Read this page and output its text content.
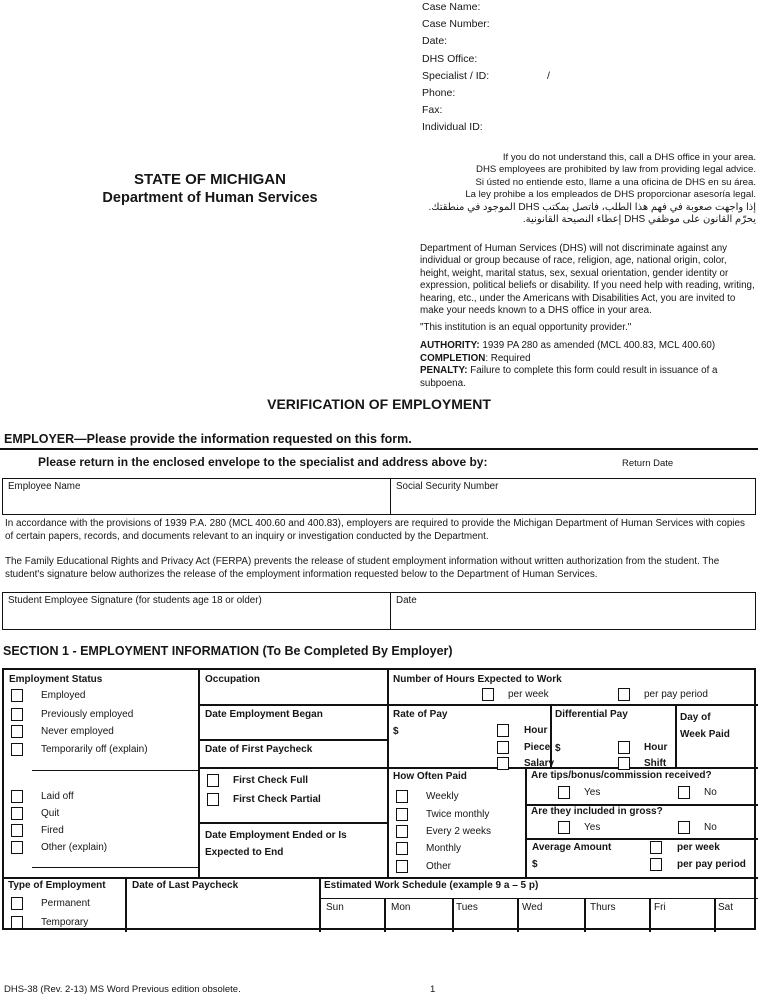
Case Name:
Case Number:
Date:
DHS Office:
Specialist / ID:	/
Phone:
Fax:
Individual ID:
STATE OF MICHIGAN
Department of Human Services
If you do not understand this, call a DHS office in your area.
DHS employees are prohibited by law from providing legal advice.
Si ústed no entiende esto, llame a una oficina de DHS en su área.
La ley prohibe a los empleados de DHS proporcionar asesoría legal.
إذا واجهت صعوبة في فهم هذا الطلب، فاتصل بمكتب DHS الموجود في منطقتك.
يحرّم القانون على موظفي DHS إعطاء النصيحة القانونية.
Department of Human Services (DHS) will not discriminate against any individual or group because of race, religion, age, national origin, color, height, weight, marital status, sex, sexual orientation, gender identity or expression, political beliefs or disability. If you need help with reading, writing, hearing, etc., under the Americans with Disabilities Act, you are invited to make your needs known to a DHS office in your area.
"This institution is an equal opportunity provider."
AUTHORITY: 1939 PA 280 as amended (MCL 400.83, MCL 400.60)
COMPLETION: Required
PENALTY: Failure to complete this form could result in issuance of a subpoena.
VERIFICATION OF EMPLOYMENT
EMPLOYER—Please provide the information requested on this form.
Please return in the enclosed envelope to the specialist and address above by:	Return Date
Employee Name	Social Security Number
In accordance with the provisions of 1939 P.A. 280 (MCL 400.60 and 400.83), employers are required to provide the Michigan Department of Human Services with copies of certain papers, records, and documents relevant to an inquiry or investigation conducted by the Department.
The Family Educational Rights and Privacy Act (FERPA) prevents the release of student employment information without written authorization from the student. The student's signature below authorizes the release of the employment information requested below to the Department of Human Services.
Student Employee Signature (for students age 18 or older)	Date
SECTION 1 - EMPLOYMENT INFORMATION (To Be Completed By Employer)
Employment Status
Employed
Previously employed
Never employed
Temporarily off (explain)
Laid off
Quit
Fired
Other (explain)
Occupation
Date Employment Began
Date of First Paycheck
First Check Full
First Check Partial
Date Employment Ended or Is Expected to End
Number of Hours Expected to Work
per week	per pay period
Rate of Pay
$	Hour
Piece
Salary
Differential Pay
$	Hour
Shift
Day of Week Paid
How Often Paid
Weekly
Twice monthly
Every 2 weeks
Monthly
Other
Are tips/bonus/commission received?
Yes	No
Are they included in gross?
Yes	No
Average Amount
$
per week
per pay period
Type of Employment
Permanent
Temporary
Date of Last Paycheck	Estimated Work Schedule (example 9 a – 5 p)
Sun	Mon	Tues	Wed	Thurs	Fri	Sat
DHS-38 (Rev. 2-13) MS Word Previous edition obsolete.	1
